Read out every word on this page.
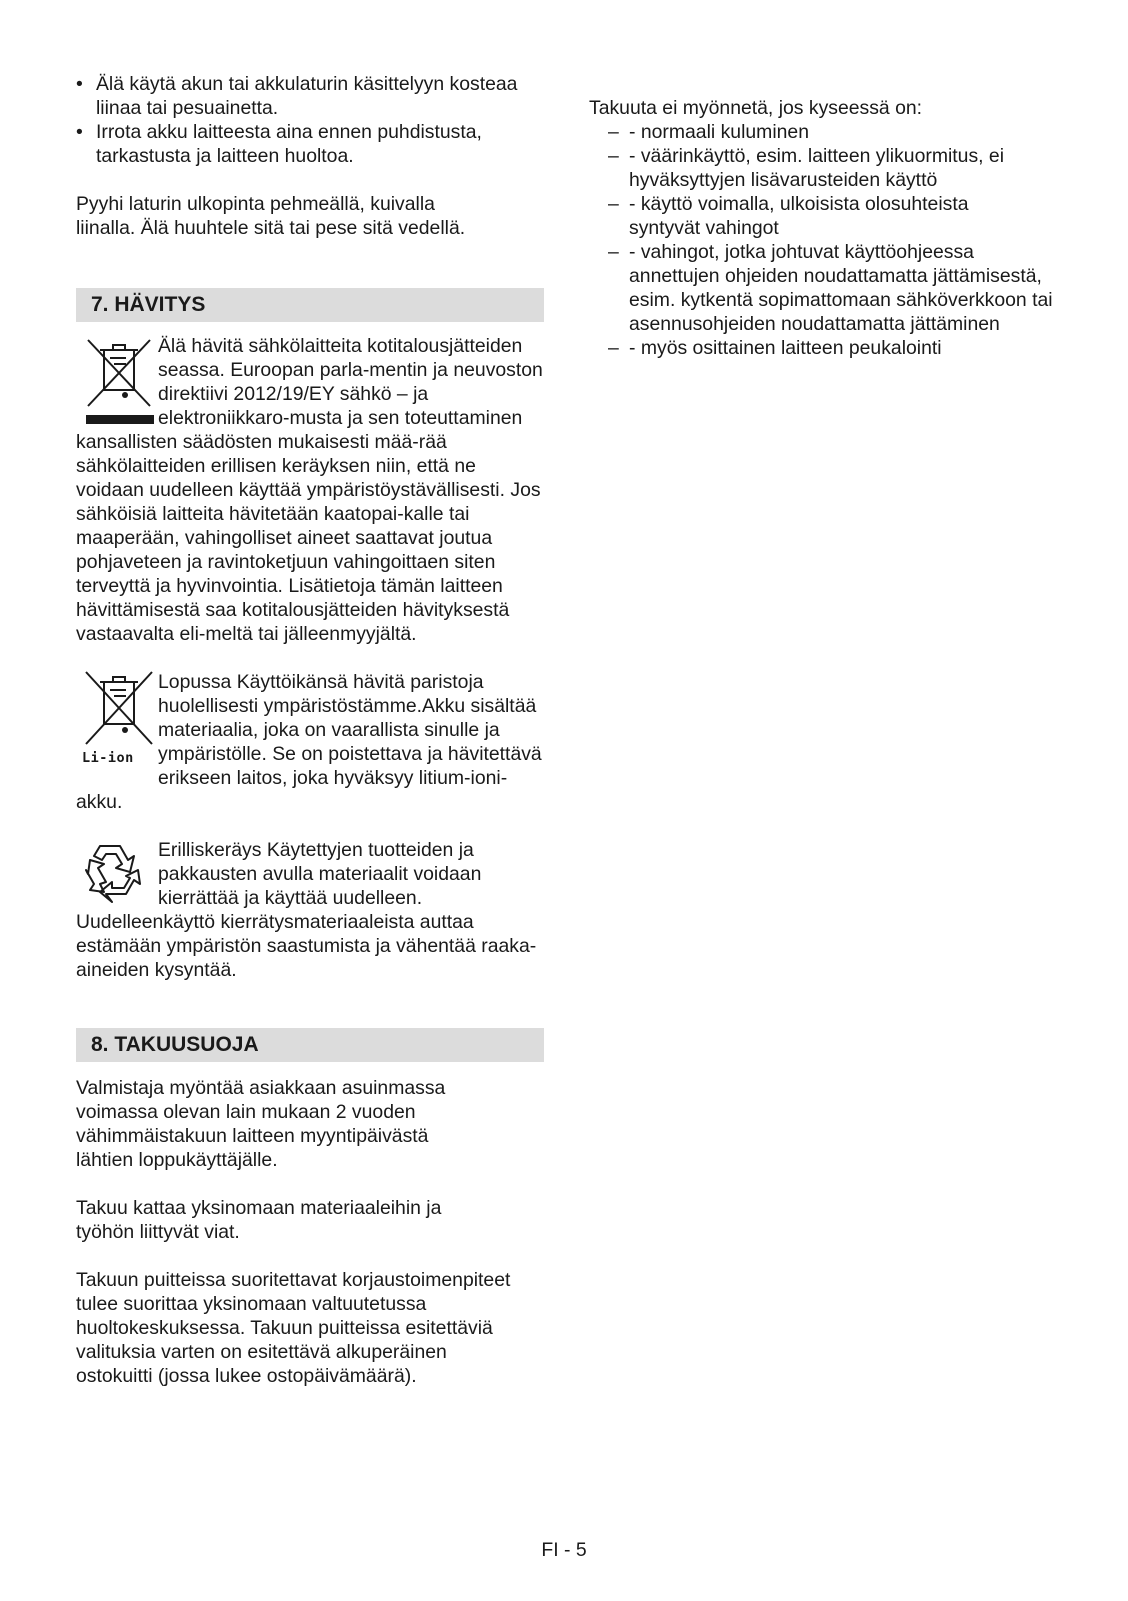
• Älä käytä akun tai akkulaturin käsittelyyn kosteaa liinaa tai pesuainetta.
• Irrota akku laitteesta aina ennen puhdistusta, tarkastusta ja laitteen huoltoa.

Pyyhi laturin ulkopinta pehmeällä, kuivalla liinalla. Älä huuhtele sitä tai pese sitä vedellä.

7. HÄVITYS

Älä hävitä sähkölaitteita kotitalousjätteiden seassa. Euroopan parla-mentin ja neuvoston direktiivi 2012/19/EY sähkö – ja elektroniikkaro-musta ja sen toteuttaminen kansallisten säädösten mukaisesti mää-rää sähkölaitteiden erillisen keräyksen niin, että ne voidaan uudelleen käyttää ympäristöystävällisesti. Jos sähköisiä laitteita hävitetään kaatopai-kalle tai maaperään, vahingolliset aineet saattavat joutua pohjaveteen ja ravintoketjuun vahingoittaen siten terveyttä ja hyvinvointia. Lisätietoja tämän laitteen hävittämisestä saa kotitalousjätteiden hävityksestä vastaavalta eli-meltä tai jälleenmyyjältä.

Li-ion

Lopussa Käyttöikänsä hävitä paristoja huolellisesti ympäristöstämme.Akku sisältää materiaalia, joka on vaarallista sinulle ja ympäristölle. Se on poistettava ja hävitettävä erikseen laitos, joka hyväksyy litium-ioni-akku.

Erilliskeräys Käytettyjen tuotteiden ja pakkausten avulla materiaalit voidaan kierrättää ja käyttää uudelleen. Uudelleenkäyttö kierrätysmateriaaleista auttaa estämään ympäristön saastumista ja vähentää raaka-aineiden kysyntää.

8. TAKUUSUOJA

Valmistaja myöntää asiakkaan asuinmassa voimassa olevan lain mukaan 2 vuoden vähimmäistakuun laitteen myyntipäivästä lähtien loppukäyttäjälle.

Takuu kattaa yksinomaan materiaaleihin ja työhön liittyvät viat.

Takuun puitteissa suoritettavat korjaustoimenpiteet tulee suorittaa yksinomaan valtuutetussa huoltokeskuksessa. Takuun puitteissa esitettäviä valituksia varten on esitettävä alkuperäinen ostokuitti (jossa lukee ostopäivämäärä).

Takuuta ei myönnetä, jos kyseessä on:

– - normaali kuluminen
– - väärinkäyttö, esim. laitteen ylikuormitus, ei hyväksyttyjen lisävarusteiden käyttö
– - käyttö voimalla, ulkoisista olosuhteista syntyvät vahingot
– - vahingot, jotka johtuvat käyttöohjeessa annettujen ohjeiden noudattamatta jättämisestä, esim. kytkentä sopimattomaan sähköverkkoon tai asennusohjeiden noudattamatta jättäminen
– - myös osittainen laitteen peukalointi
FI - 5
